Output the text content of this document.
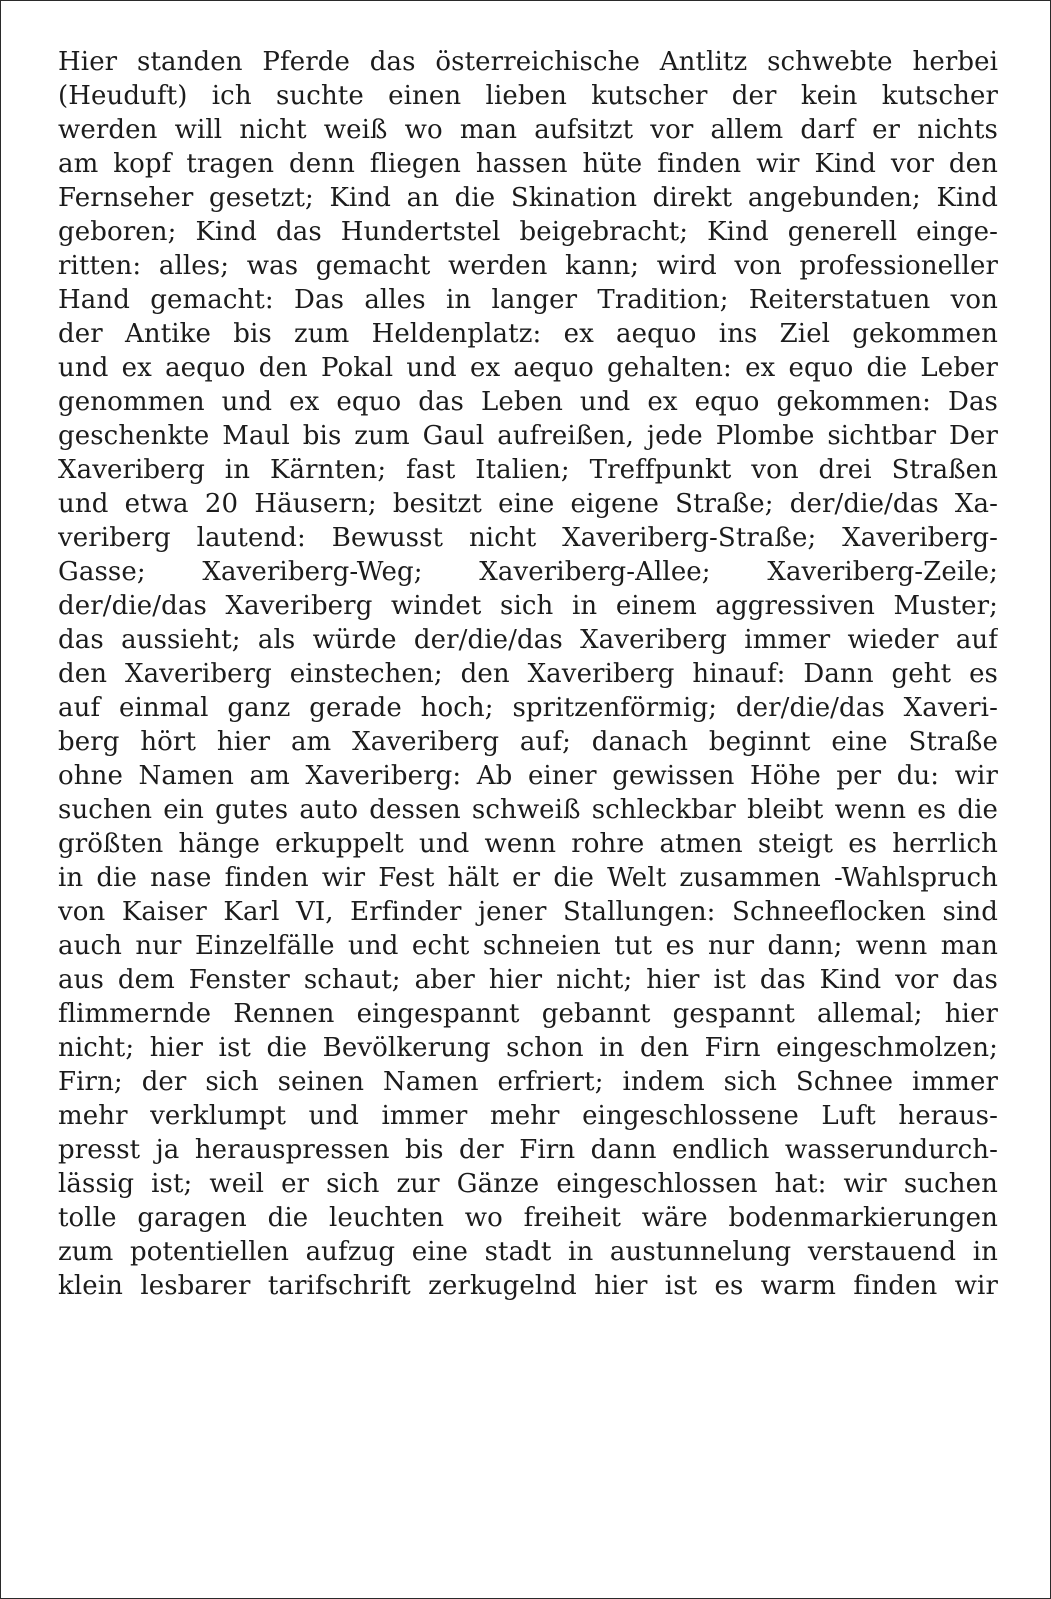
Hier standen Pferde das österreichische Antlitz schwebte herbei
(Heuduft) ich suchte einen lieben kutscher der kein kutscher
werden will nicht weiß wo man aufsitzt vor allem darf er nichts
am kopf tragen denn fliegen hassen hüte finden wir Kind vor den
Fernseher gesetzt; Kind an die Skination direkt angebunden; Kind
geboren; Kind das Hundertstel beigebracht; Kind generell einge-
ritten: alles; was gemacht werden kann; wird von professioneller
Hand gemacht: Das alles in langer Tradition; Reiterstatuen von
der Antike bis zum Heldenplatz: ex aequo ins Ziel gekommen
und ex aequo den Pokal und ex aequo gehalten: ex equo die Leber
genommen und ex equo das Leben und ex equo gekommen: Das
geschenkte Maul bis zum Gaul aufreißen, jede Plombe sichtbar Der
Xaveriberg in Kärnten; fast Italien; Treffpunkt von drei Straßen
und etwa 20 Häusern; besitzt eine eigene Straße; der/die/das Xa-
veriberg lautend: Bewusst nicht Xaveriberg-Straße; Xaveriberg-
Gasse; Xaveriberg-Weg; Xaveriberg-Allee; Xaveriberg-Zeile;
der/die/das Xaveriberg windet sich in einem aggressiven Muster;
das aussieht; als würde der/die/das Xaveriberg immer wieder auf
den Xaveriberg einstechen; den Xaveriberg hinauf: Dann geht es
auf einmal ganz gerade hoch; spritzenförmig; der/die/das Xaveri-
berg hört hier am Xaveriberg auf; danach beginnt eine Straße
ohne Namen am Xaveriberg: Ab einer gewissen Höhe per du: wir
suchen ein gutes auto dessen schweiß schleckbar bleibt wenn es die
größten hänge erkuppelt und wenn rohre atmen steigt es herrlich
in die nase finden wir Fest hält er die Welt zusammen -Wahlspruch
von Kaiser Karl VI, Erfinder jener Stallungen: Schneeflocken sind
auch nur Einzelfälle und echt schneien tut es nur dann; wenn man
aus dem Fenster schaut; aber hier nicht; hier ist das Kind vor das
flimmernde Rennen eingespannt gebannt gespannt allemal; hier
nicht; hier ist die Bevölkerung schon in den Firn eingeschmolzen;
Firn; der sich seinen Namen erfriert; indem sich Schnee immer
mehr verklumpt und immer mehr eingeschlossene Luft heraus-
presst ja herauspressen bis der Firn dann endlich wasserundurch-
lässig ist; weil er sich zur Gänze eingeschlossen hat: wir suchen
tolle garagen die leuchten wo freiheit wäre bodenmarkierungen
zum potentiellen aufzug eine stadt in austunnelung verstauend in
klein lesbarer tarifschrift zerkugelnd hier ist es warm finden wir
